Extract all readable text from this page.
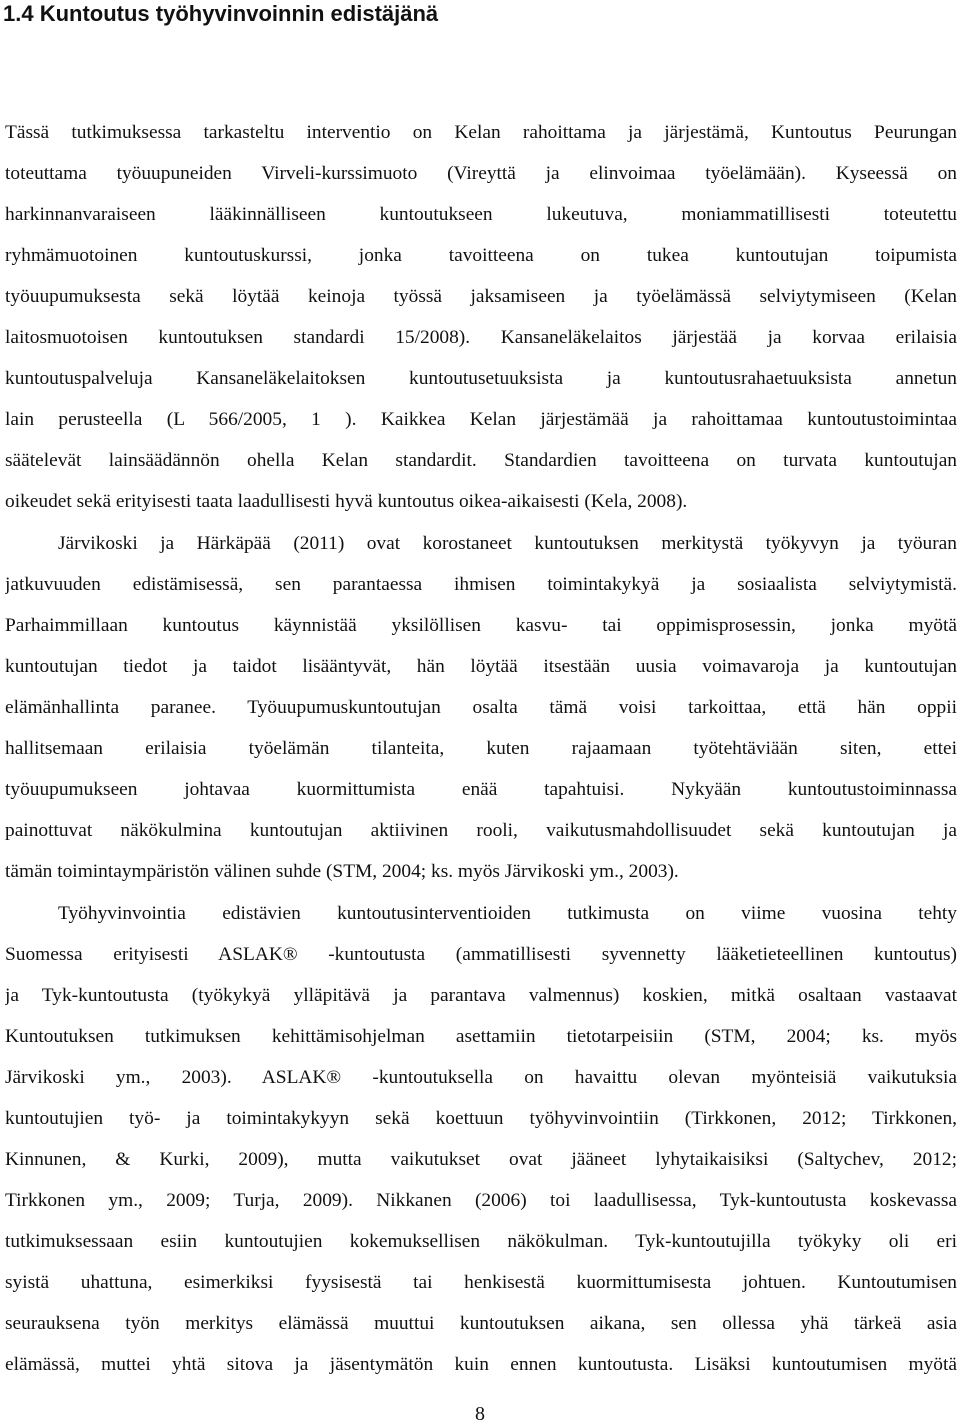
1.4 Kuntoutus työhyvinvoinnin edistäjänä
Tässä tutkimuksessa tarkasteltu interventio on Kelan rahoittama ja järjestämä, Kuntoutus Peurungan
toteuttama työuupuneiden Virveli-kurssimuoto (Vireyttä ja elinvoimaa työelämään). Kyseessä on
harkinnanvaraiseen lääkinnälliseen kuntoutukseen lukeutuva, moniammatillisesti toteutettu
ryhmämuotoinen kuntoutuskurssi, jonka tavoitteena on tukea kuntoutujan toipumista
työuupumuksesta sekä löytää keinoja työssä jaksamiseen ja työelämässä selviytymiseen (Kelan
laitosmuotoisen kuntoutuksen standardi 15/2008). Kansaneläkelaitos järjestää ja korvaa erilaisia
kuntoutuspalveluja Kansaneläkelaitoksen kuntoutusetuuksista ja kuntoutusrahaetuuksista annetun
lain perusteella (L 566/2005, 1 ). Kaikkea Kelan järjestämää ja rahoittamaa kuntoutustoimintaa
säätelevät lainsäädännön ohella Kelan standardit. Standardien tavoitteena on turvata kuntoutujan
oikeudet sekä erityisesti taata laadullisesti hyvä kuntoutus oikea-aikaisesti (Kela, 2008).
Järvikoski ja Härkäpää (2011) ovat korostaneet kuntoutuksen merkitystä työkyvyn ja työuran
jatkuvuuden edistämisessä, sen parantaessa ihmisen toimintakykyä ja sosiaalista selviytymistä.
Parhaimmillaan kuntoutus käynnistää yksilöllisen kasvu- tai oppimisprosessin, jonka myötä
kuntoutujan tiedot ja taidot lisääntyvät, hän löytää itsestään uusia voimavaroja ja kuntoutujan
elämänhallinta paranee. Työuupumuskuntoutujan osalta tämä voisi tarkoittaa, että hän oppii
hallitsemaan erilaisia työelämän tilanteita, kuten rajaamaan työtehtäviään siten, ettei
työuupumukseen johtavaa kuormittumista enää tapahtuisi. Nykyään kuntoutustoiminnassa
painottuvat näkökulmina kuntoutujan aktiivinen rooli, vaikutusmahdollisuudet sekä kuntoutujan ja
tämän toimintaympäristön välinen suhde (STM, 2004; ks. myös Järvikoski ym., 2003).
Työhyvinvointia edistävien kuntoutusinterventioiden tutkimusta on viime vuosina tehty
Suomessa erityisesti ASLAK® -kuntoutusta (ammatillisesti syvennetty lääketieteellinen kuntoutus)
ja Tyk-kuntoutusta (työkykyä ylläpitävä ja parantava valmennus) koskien, mitkä osaltaan vastaavat
Kuntoutuksen tutkimuksen kehittämisohjelman asettamiin tietotarpeisiin (STM, 2004; ks. myös
Järvikoski ym., 2003). ASLAK® -kuntoutuksella on havaittu olevan myönteisiä vaikutuksia
kuntoutujien työ- ja toimintakykyyn sekä koettuun työhyvinvointiin (Tirkkonen, 2012; Tirkkonen,
Kinnunen, & Kurki, 2009), mutta vaikutukset ovat jääneet lyhytaikaisiksi (Saltychev, 2012;
Tirkkonen ym., 2009; Turja, 2009). Nikkanen (2006) toi laadullisessa, Tyk-kuntoutusta koskevassa
tutkimuksessaan esiin kuntoutujien kokemuksellisen näkökulman. Tyk-kuntoutujilla työkyky oli eri
syistä uhattuna, esimerkiksi fyysisestä tai henkisestä kuormittumisesta johtuen. Kuntoutumisen
seurauksena työn merkitys elämässä muuttui kuntoutuksen aikana, sen ollessa yhä tärkeä asia
elämässä, muttei yhtä sitova ja jäsentymätön kuin ennen kuntoutusta. Lisäksi kuntoutumisen myötä
8
